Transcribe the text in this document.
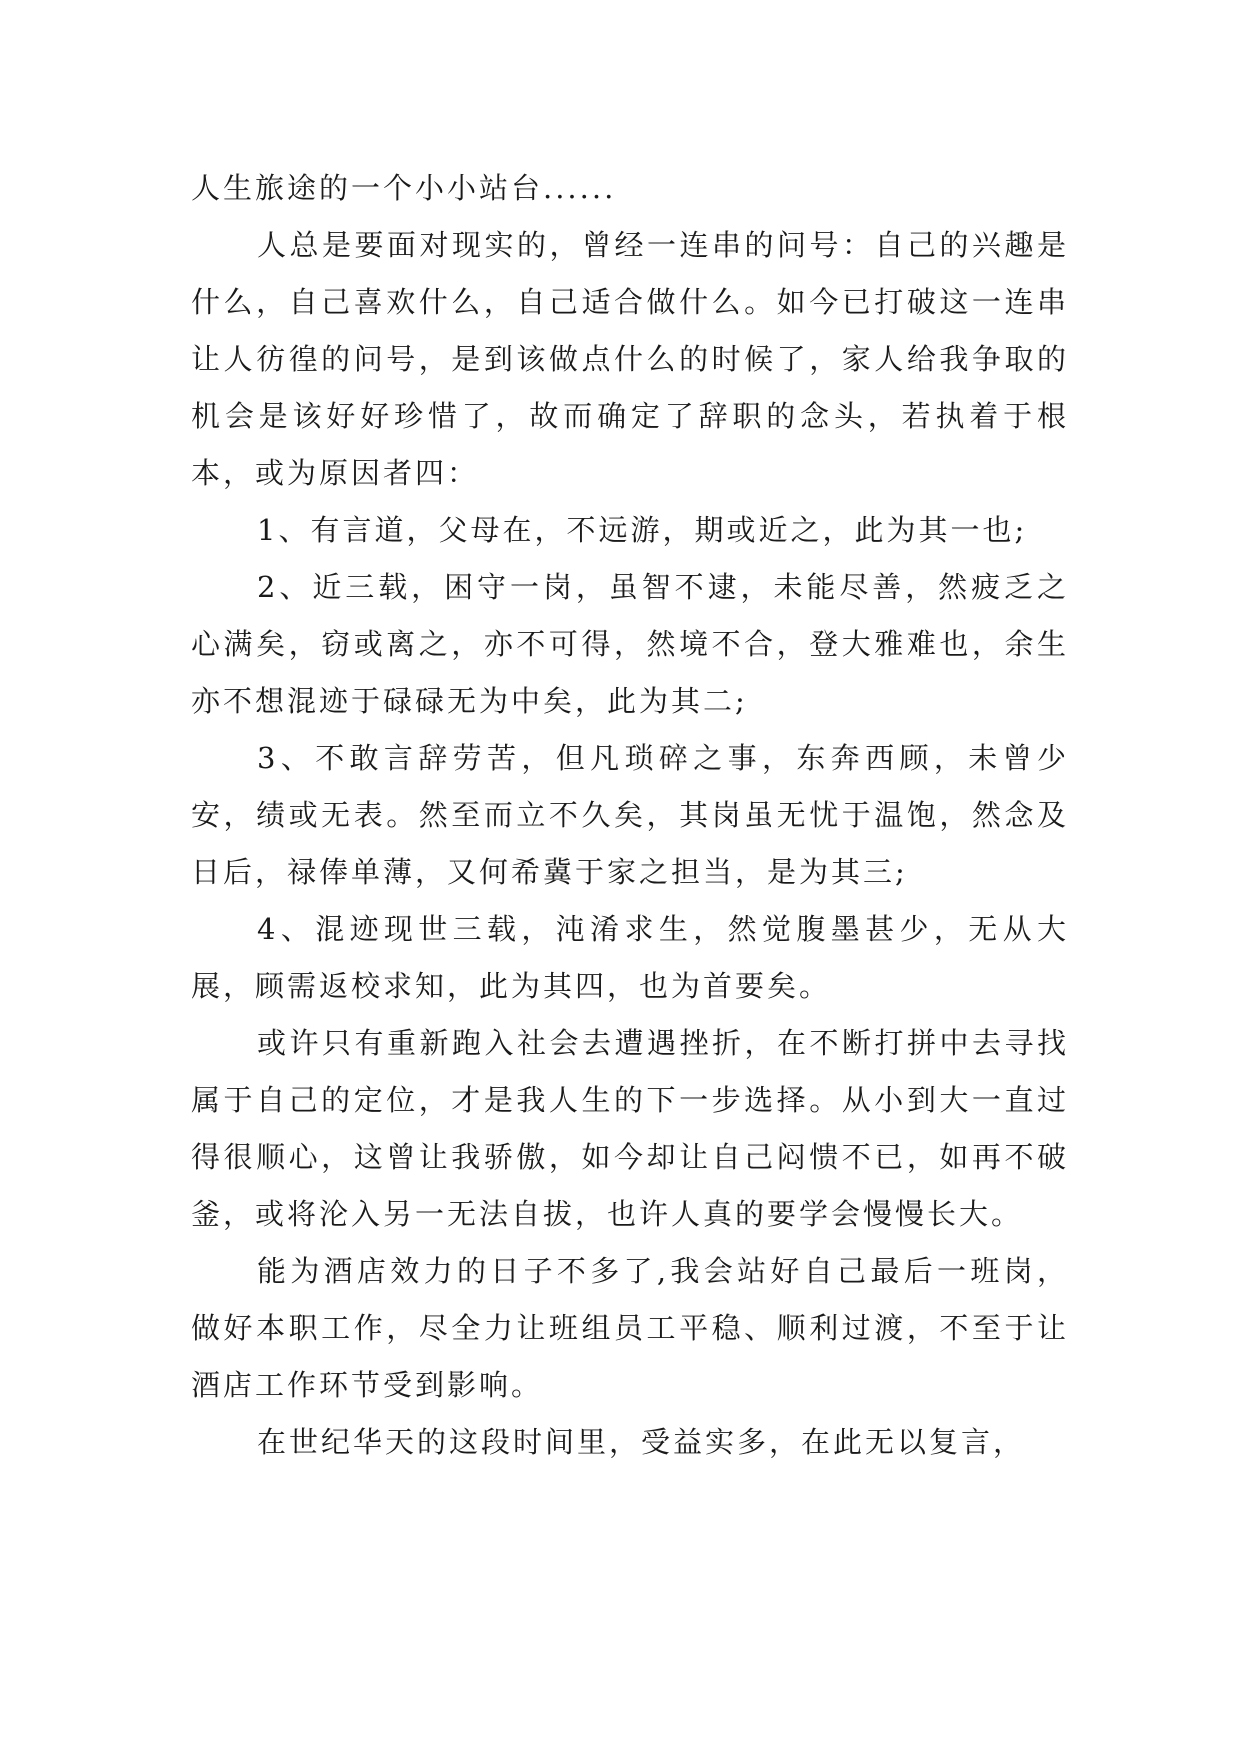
人生旅途的一个小小站台......

人总是要面对现实的，曾经一连串的问号：自己的兴趣是什么，自己喜欢什么，自己适合做什么。如今已打破这一连串让人彷徨的问号，是到该做点什么的时候了，家人给我争取的机会是该好好珍惜了，故而确定了辞职的念头，若执着于根本，或为原因者四：

1、有言道，父母在，不远游，期或近之，此为其一也;

2、近三载，困守一岗，虽智不逮，未能尽善，然疲乏之心满矣，窃或离之，亦不可得，然境不合，登大雅难也，余生亦不想混迹于碌碌无为中矣，此为其二;

3、不敢言辞劳苦，但凡琐碎之事，东奔西顾，未曾少安，绩或无表。然至而立不久矣，其岗虽无忧于温饱，然念及日后，禄俸单薄，又何希冀于家之担当，是为其三;

4、混迹现世三载，沌淆求生，然觉腹墨甚少，无从大展，顾需返校求知，此为其四，也为首要矣。

或许只有重新跑入社会去遭遇挫折，在不断打拼中去寻找属于自己的定位，才是我人生的下一步选择。从小到大一直过得很顺心，这曾让我骄傲，如今却让自己闷愦不已，如再不破釜，或将沦入另一无法自拔，也许人真的要学会慢慢长大。

能为酒店效力的日子不多了,我会站好自己最后一班岗，做好本职工作，尽全力让班组员工平稳、顺利过渡，不至于让酒店工作环节受到影响。

在世纪华天的这段时间里，受益实多，在此无以复言，
